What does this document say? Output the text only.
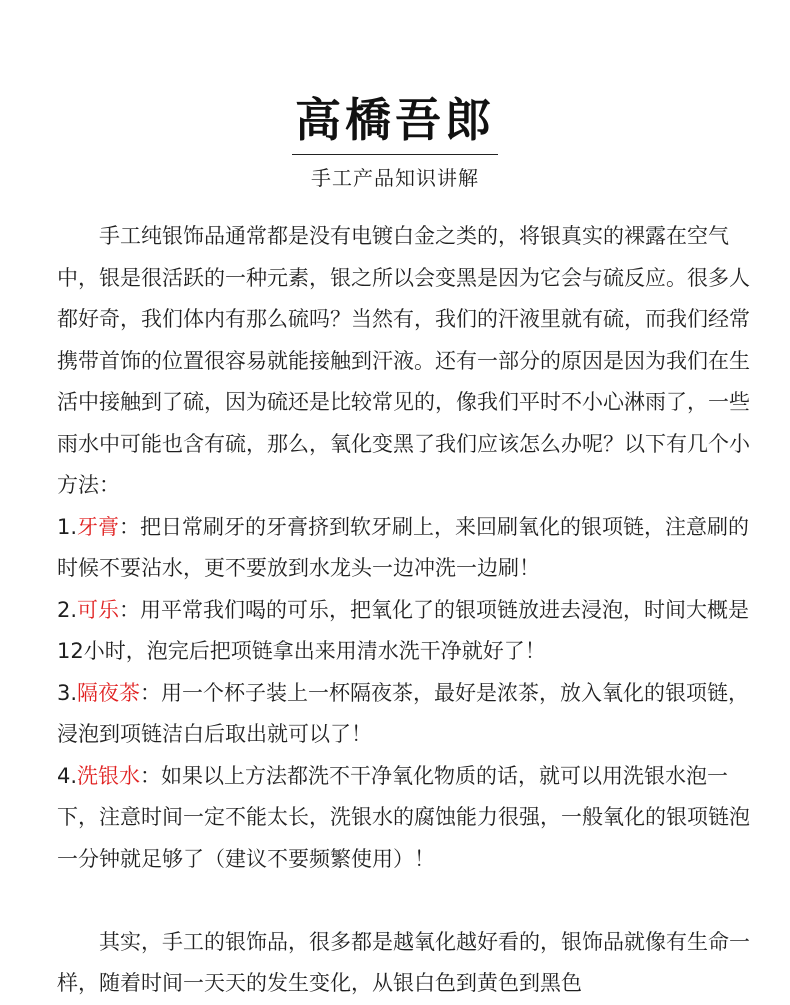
高橋吾郎
手工产品知识讲解

手工纯银饰品通常都是没有电镀白金之类的，将银真实的裸露在空气中，银是很活跃的一种元素，银之所以会变黑是因为它会与硫反应。很多人都好奇，我们体内有那么硫吗？当然有，我们的汗液里就有硫，而我们经常携带首饰的位置很容易就能接触到汗液。还有一部分的原因是因为我们在生活中接触到了硫，因为硫还是比较常见的，像我们平时不小心淋雨了，一些雨水中可能也含有硫，那么，氧化变黑了我们应该怎么办呢？以下有几个小方法：

1.牙膏：把日常刷牙的牙膏挤到软牙刷上，来回刷氧化的银项链，注意刷的时候不要沾水，更不要放到水龙头一边冲洗一边刷！

2.可乐：用平常我们喝的可乐，把氧化了的银项链放进去浸泡，时间大概是12小时，泡完后把项链拿出来用清水洗干净就好了！

3.隔夜茶：用一个杯子装上一杯隔夜茶，最好是浓茶，放入氧化的银项链，浸泡到项链洁白后取出就可以了！

4.洗银水：如果以上方法都洗不干净氧化物质的话，就可以用洗银水泡一下，注意时间一定不能太长，洗银水的腐蚀能力很强，一般氧化的银项链泡一分钟就足够了（建议不要频繁使用）！

其实，手工的银饰品，很多都是越氧化越好看的，银饰品就像有生命一样，随着时间一天天的发生变化，从银白色到黄色到黑色
